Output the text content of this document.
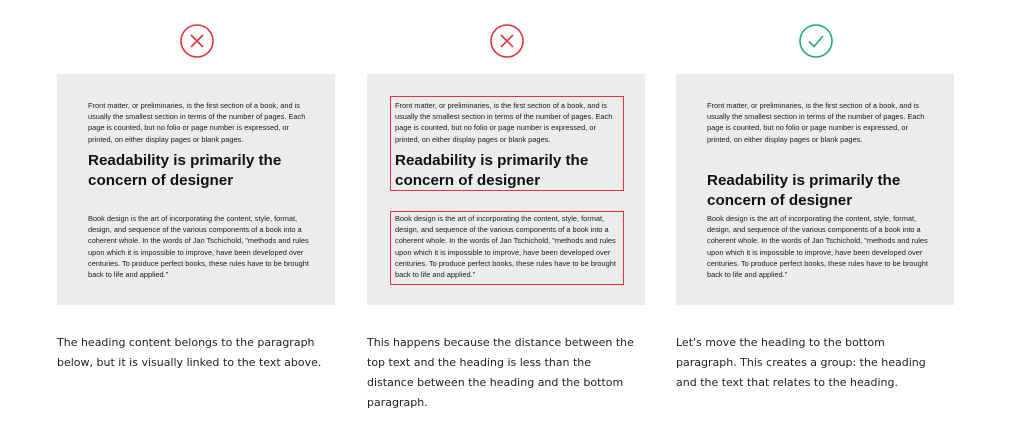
Front matter, or preliminaries, is the first section of a book, and is usually the smallest section in terms of the number of pages. Each page is counted, but no folio or page number is expressed, or printed, on either display pages or blank pages.

Readability is primarily the concern of designer

Book design is the art of incorporating the content, style, format, design, and sequence of the various components of a book into a coherent whole. In the words of Jan Tschichold, "methods and rules upon which it is impossible to improve, have been developed over centuries. To produce perfect books, these rules have to be brought back to life and applied."

The heading content belongs to the paragraph below, but it is visually linked to the text above.

Front matter, or preliminaries, is the first section of a book, and is usually the smallest section in terms of the number of pages. Each page is counted, but no folio or page number is expressed, or printed, on either display pages or blank pages.

Readability is primarily the concern of designer

Book design is the art of incorporating the content, style, format, design, and sequence of the various components of a book into a coherent whole. In the words of Jan Tschichold, "methods and rules upon which it is impossible to improve, have been developed over centuries. To produce perfect books, these rules have to be brought back to life and applied."

This happens because the distance between the top text and the heading is less than the distance between the heading and the bottom paragraph.

Front matter, or preliminaries, is the first section of a book, and is usually the smallest section in terms of the number of pages. Each page is counted, but no folio or page number is expressed, or printed, on either display pages or blank pages.

Readability is primarily the concern of designer

Book design is the art of incorporating the content, style, format, design, and sequence of the various components of a book into a coherent whole. In the words of Jan Tschichold, "methods and rules upon which it is impossible to improve, have been developed over centuries. To produce perfect books, these rules have to be brought back to life and applied."

Let's move the heading to the bottom paragraph. This creates a group: the heading and the text that relates to the heading.
